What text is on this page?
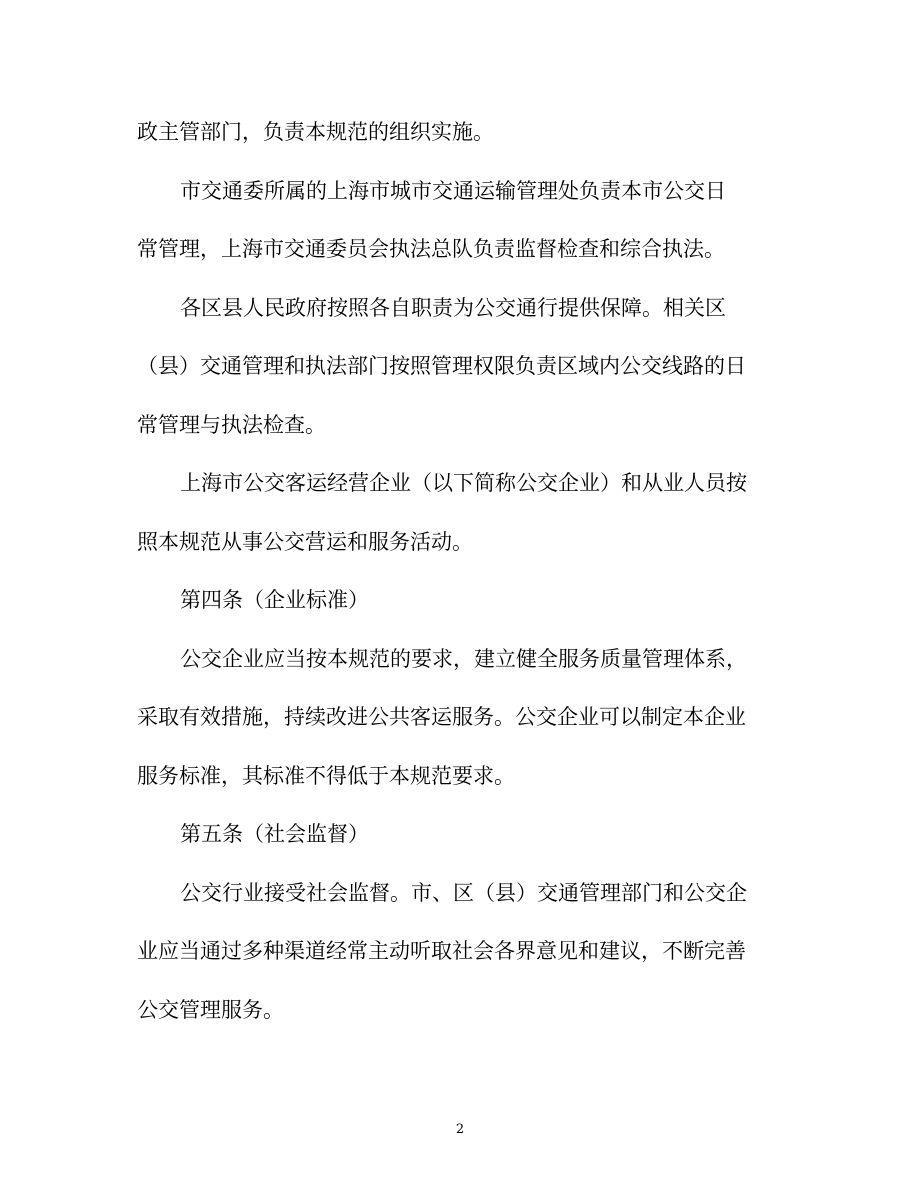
政主管部门，负责本规范的组织实施。
市交通委所属的上海市城市交通运输管理处负责本市公交日
常管理，上海市交通委员会执法总队负责监督检查和综合执法。
各区县人民政府按照各自职责为公交通行提供保障。相关区
（县）交通管理和执法部门按照管理权限负责区域内公交线路的日
常管理与执法检查。
上海市公交客运经营企业（以下简称公交企业）和从业人员按
照本规范从事公交营运和服务活动。
第四条（企业标准）
公交企业应当按本规范的要求，建立健全服务质量管理体系，
采取有效措施，持续改进公共客运服务。公交企业可以制定本企业
服务标准，其标准不得低于本规范要求。
第五条（社会监督）
公交行业接受社会监督。市、区（县）交通管理部门和公交企
业应当通过多种渠道经常主动听取社会各界意见和建议，不断完善
公交管理服务。
2
